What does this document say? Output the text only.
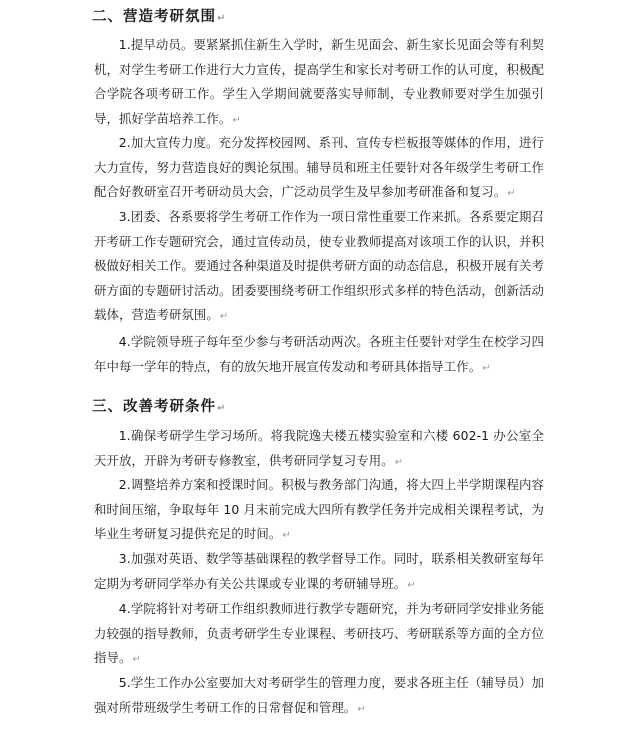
二、营造考研氛围↵
1.提早动员。要紧紧抓住新生入学时，新生见面会、新生家长见面会等有利契机，对学生考研工作进行大力宣传，提高学生和家长对考研工作的认可度，积极配合学院各项考研工作。学生入学期间就要落实导师制，专业教师要对学生加强引导，抓好学苗培养工作。↵
2.加大宣传力度。充分发挥校园网、系刊、宣传专栏板报等媒体的作用，进行大力宣传，努力营造良好的舆论氛围。辅导员和班主任要针对各年级学生考研工作配合好教研室召开考研动员大会，广泛动员学生及早参加考研准备和复习。↵
3.团委、各系要将学生考研工作作为一项日常性重要工作来抓。各系要定期召开考研工作专题研究会，通过宣传动员，使专业教师提高对该项工作的认识，并积极做好相关工作。要通过各种渠道及时提供考研方面的动态信息，积极开展有关考研方面的专题研讨活动。团委要围绕考研工作组织形式多样的特色活动，创新活动载体，营造考研氛围。↵
4.学院领导班子每年至少参与考研活动两次。各班主任要针对学生在校学习四年中每一学年的特点，有的放矢地开展宣传发动和考研具体指导工作。↵
三、改善考研条件↵
1.确保考研学生学习场所。将我院逸夫楼五楼实验室和六楼 602-1 办公室全天开放，开辟为考研专修教室，供考研同学复习专用。↵
2.调整培养方案和授课时间。积极与教务部门沟通，将大四上半学期课程内容和时间压缩，争取每年 10 月末前完成大四所有教学任务并完成相关课程考试，为毕业生考研复习提供充足的时间。↵
3.加强对英语、数学等基础课程的教学督导工作。同时，联系相关教研室每年定期为考研同学举办有关公共课或专业课的考研辅导班。↵
4.学院将针对考研工作组织教师进行教学专题研究，并为考研同学安排业务能力较强的指导教师，负责考研学生专业课程、考研技巧、考研联系等方面的全方位指导。↵
5.学生工作办公室要加大对考研学生的管理力度，要求各班主任（辅导员）加强对所带班级学生考研工作的日常督促和管理。↵
